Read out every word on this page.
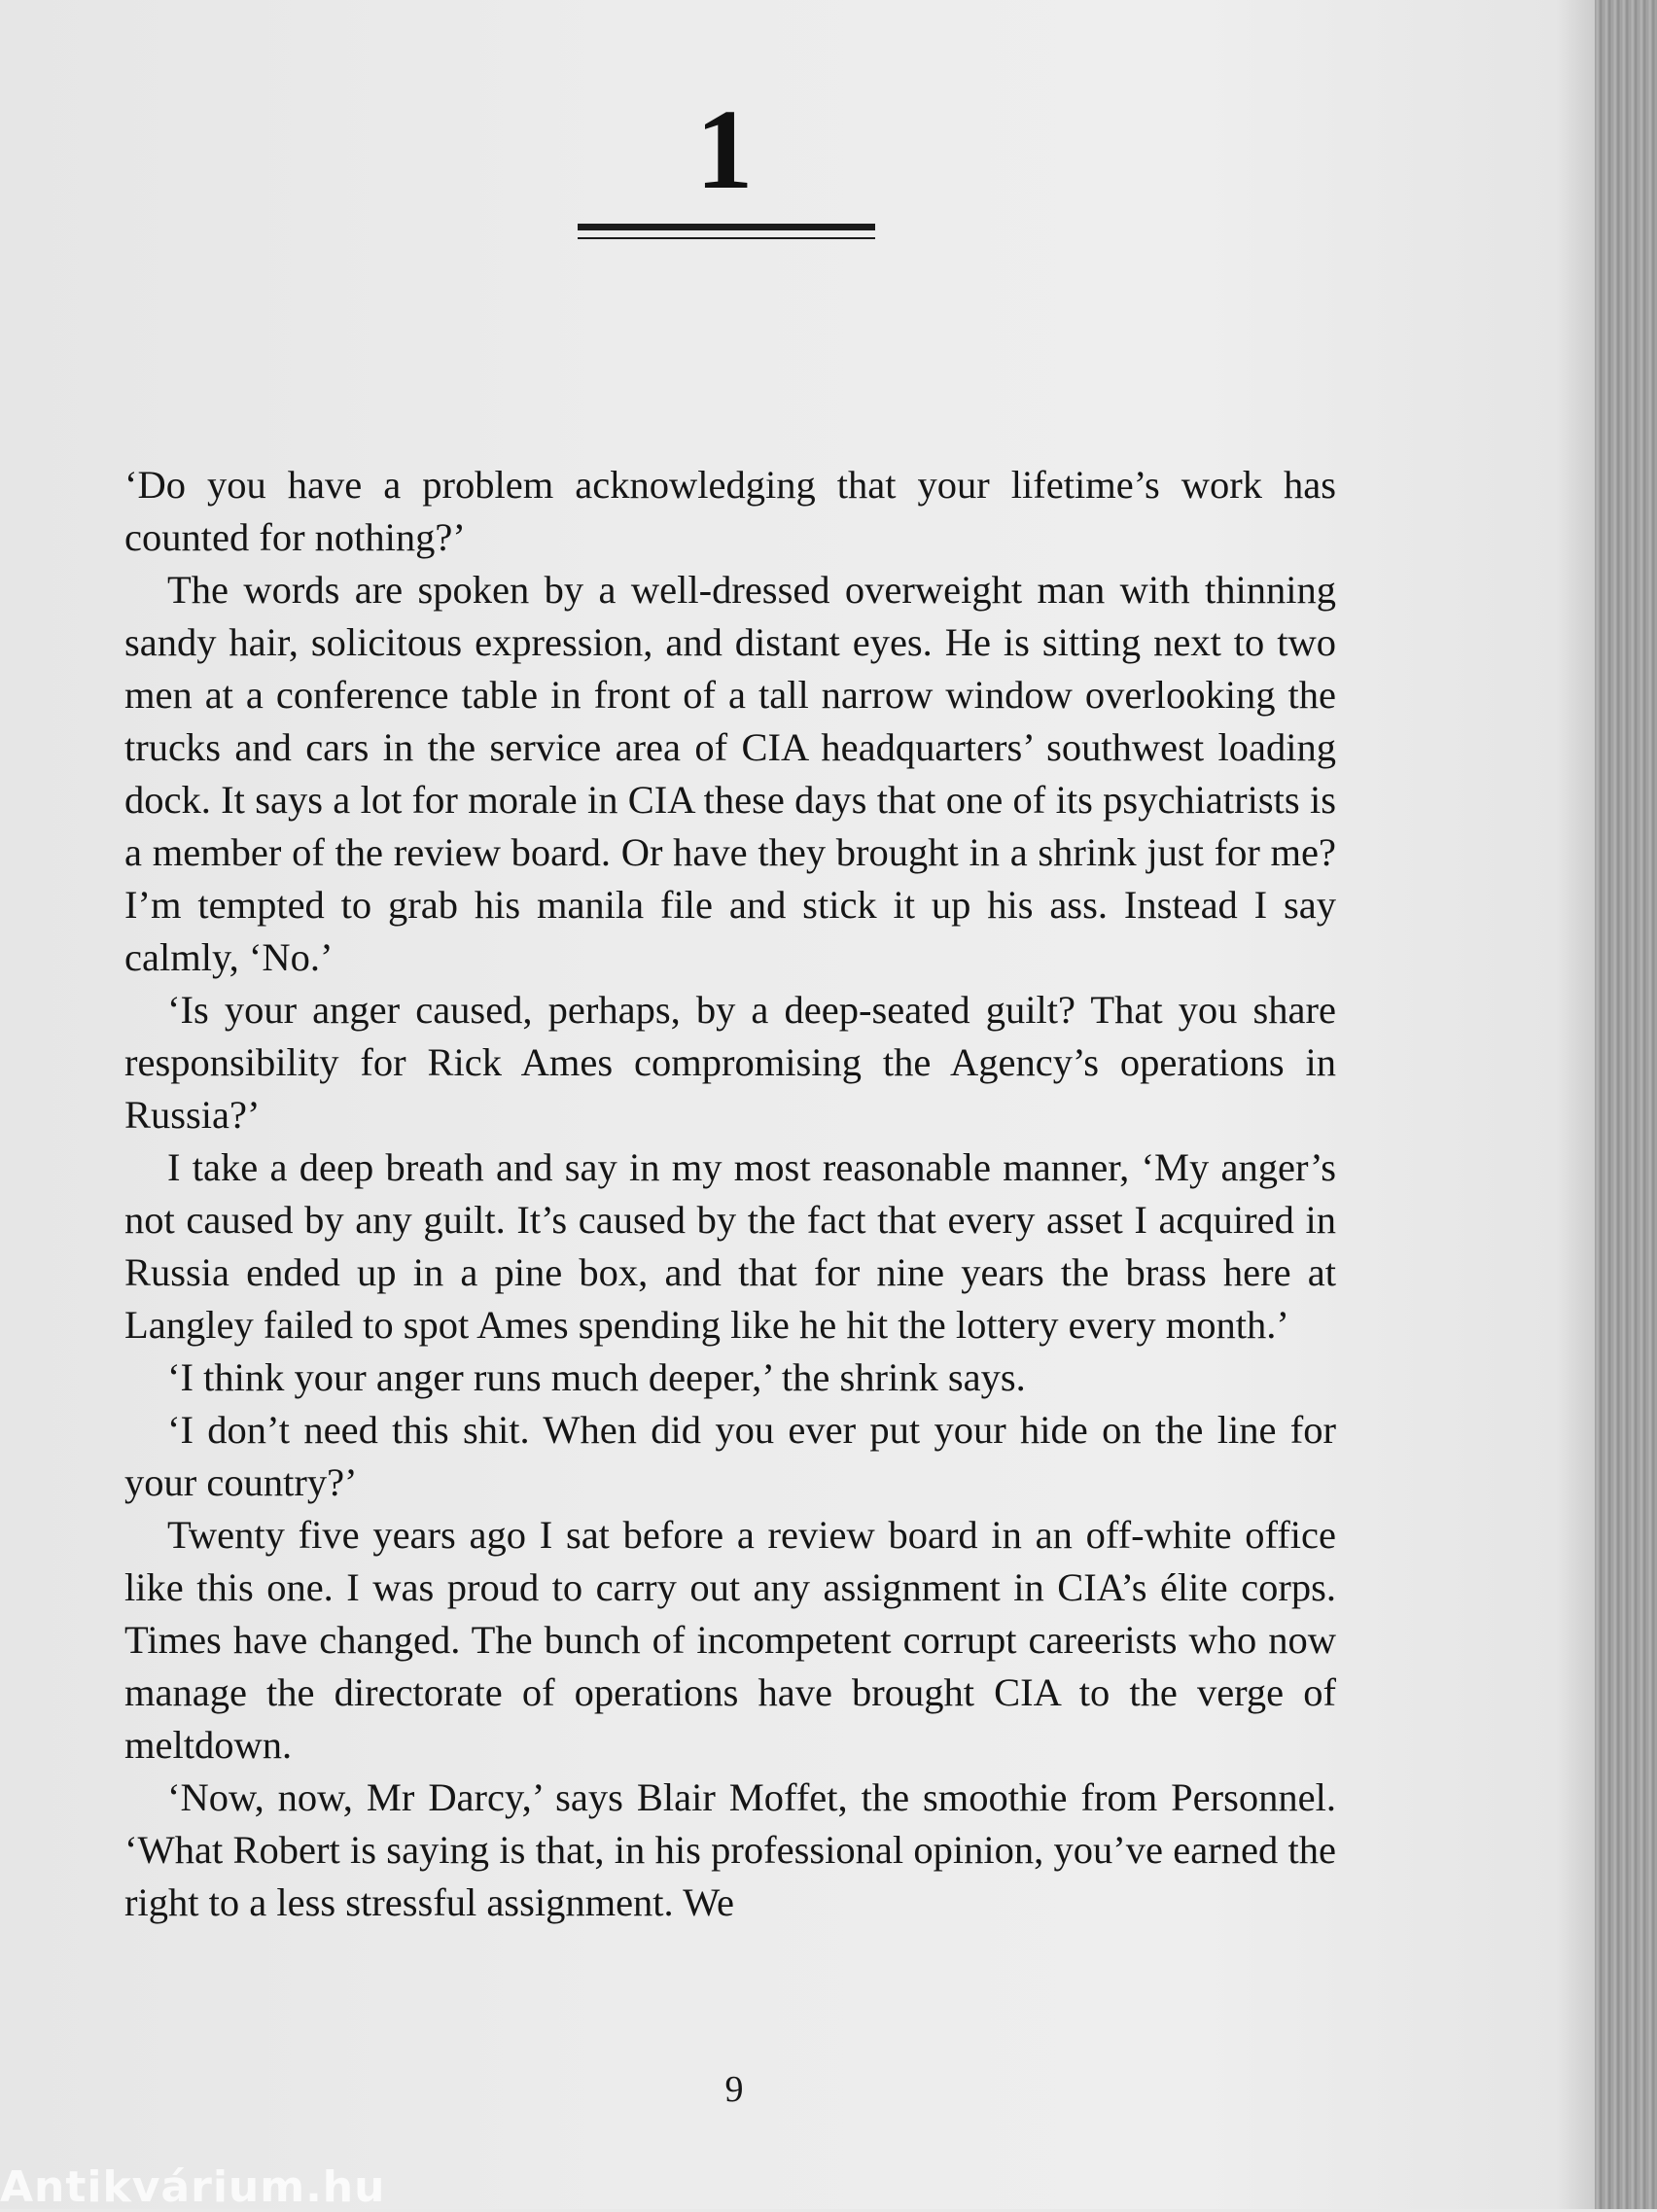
1

‘Do you have a problem acknowledging that your lifetime’s work has counted for nothing?’

The words are spoken by a well-dressed overweight man with thinning sandy hair, solicitous expression, and distant eyes. He is sitting next to two men at a conference table in front of a tall narrow window overlooking the trucks and cars in the service area of CIA headquarters’ southwest loading dock. It says a lot for morale in CIA these days that one of its psychiatrists is a member of the review board. Or have they brought in a shrink just for me? I’m tempted to grab his manila file and stick it up his ass. Instead I say calmly, ‘No.’

‘Is your anger caused, perhaps, by a deep-seated guilt? That you share responsibility for Rick Ames compromising the Agency’s operations in Russia?’

I take a deep breath and say in my most reasonable manner, ‘My anger’s not caused by any guilt. It’s caused by the fact that every asset I acquired in Russia ended up in a pine box, and that for nine years the brass here at Langley failed to spot Ames spending like he hit the lottery every month.’

‘I think your anger runs much deeper,’ the shrink says.

‘I don’t need this shit. When did you ever put your hide on the line for your country?’

Twenty five years ago I sat before a review board in an off-white office like this one. I was proud to carry out any assignment in CIA’s élite corps. Times have changed. The bunch of incompetent corrupt careerists who now manage the directorate of operations have brought CIA to the verge of meltdown.

‘Now, now, Mr Darcy,’ says Blair Moffet, the smoothie from Personnel. ‘What Robert is saying is that, in his professional opinion, you’ve earned the right to a less stressful assignment. We

9
Antikvárium.hu
